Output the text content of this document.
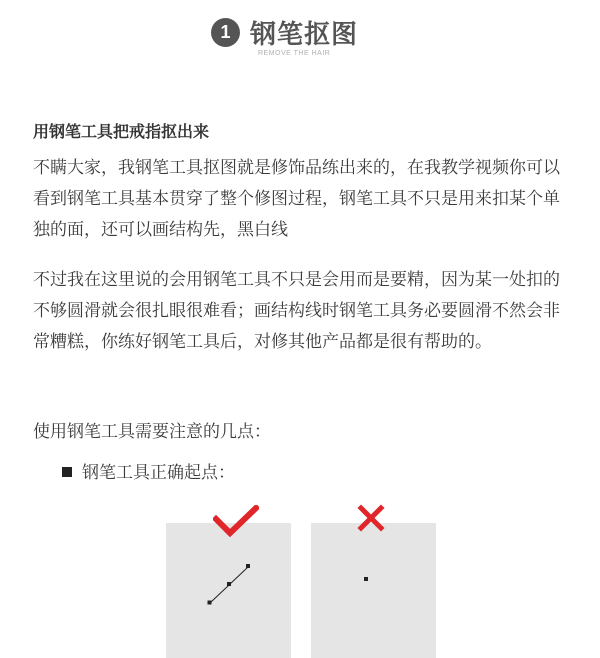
1 钢笔抠图
REMOVE THE HAIR
用钢笔工具把戒指抠出来

不瞒大家，我钢笔工具抠图就是修饰品练出来的，在我教学视频你可以看到钢笔工具基本贯穿了整个修图过程，钢笔工具不只是用来扣某个单独的面，还可以画结构先，黑白线

不过我在这里说的会用钢笔工具不只是会用而是要精，因为某一处扣的不够圆滑就会很扎眼很难看；画结构线时钢笔工具务必要圆滑不然会非常糟糕，你练好钢笔工具后，对修其他产品都是很有帮助的。

使用钢笔工具需要注意的几点：

钢笔工具正确起点：
